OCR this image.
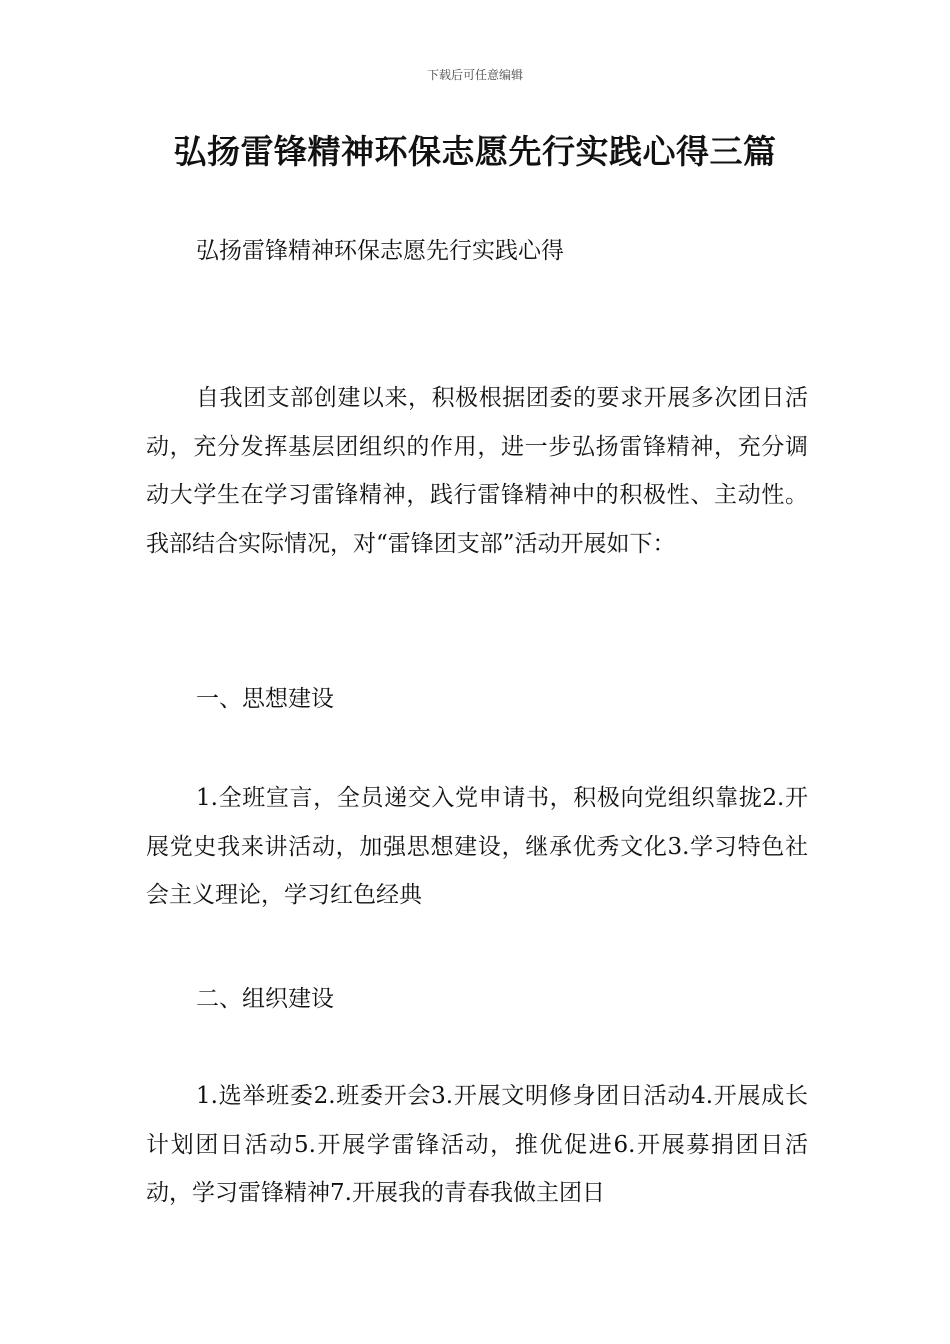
下载后可任意编辑
弘扬雷锋精神环保志愿先行实践心得三篇
弘扬雷锋精神环保志愿先行实践心得

自我团支部创建以来，积极根据团委的要求开展多次团日活动，充分发挥基层团组织的作用，进一步弘扬雷锋精神，充分调动大学生在学习雷锋精神，践行雷锋精神中的积极性、主动性。我部结合实际情况，对“雷锋团支部”活动开展如下：

一、思想建设

1.全班宣言，全员递交入党申请书，积极向党组织靠拢2.开展党史我来讲活动，加强思想建设，继承优秀文化3.学习特色社会主义理论，学习红色经典

二、组织建设

1.选举班委2.班委开会3.开展文明修身团日活动4.开展成长计划团日活动5.开展学雷锋活动，推优促进6.开展募捐团日活动，学习雷锋精神7.开展我的青春我做主团日
